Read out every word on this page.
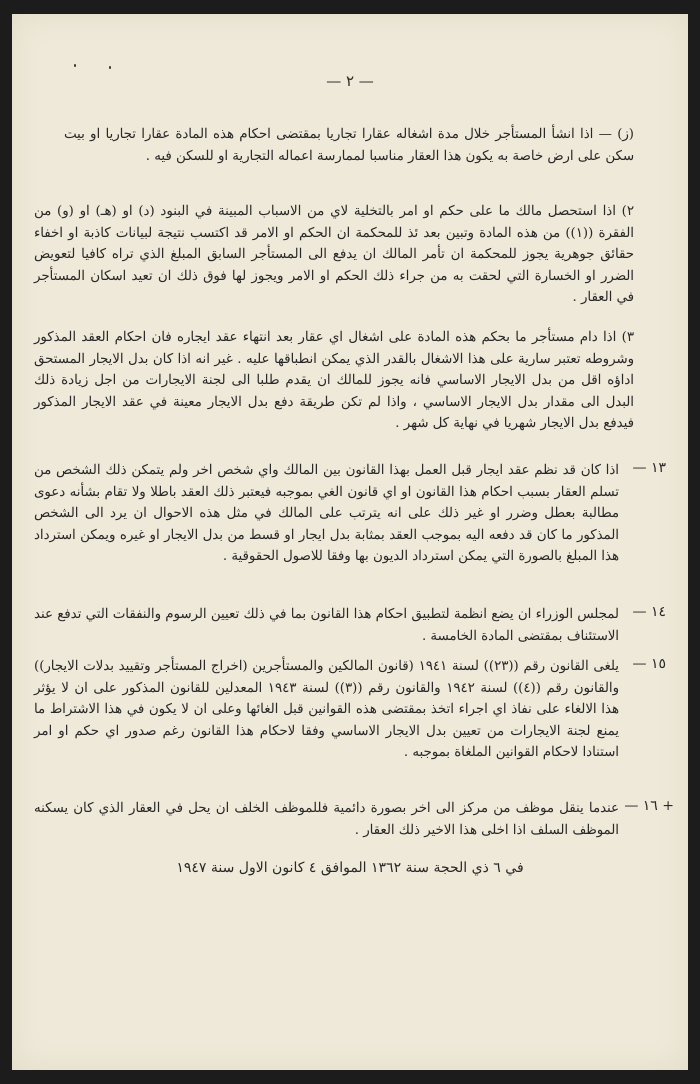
— ٢ —
(ز) — اذا انشأ المستأجر خلال مدة اشغاله عقارا تجاريا بمقتضى احكام هذه المادة عقارا تجاريا او بيت سكن على ارض خاصة به يكون هذا العقار مناسبا لممارسة اعماله التجارية او للسكن فيه .
٢) اذا استحصل مالك ما على حكم او امر بالتخلية لاي من الاسباب المبينة في البنود (د) او (هـ) او (و) من الفقرة ((١)) من هذه المادة وتبين بعد ئذ للمحكمة ان الحكم او الامر قد اكتسب نتيجة لبيانات كاذبة او اخفاء حقائق جوهرية يجوز للمحكمة ان تأمر المالك ان يدفع الى المستأجر السابق المبلغ الذي تراه كافيا لتعويض الضرر او الخسارة التي لحقت به من جراء ذلك الحكم او الامر ويجوز لها فوق ذلك ان تعيد اسكان المستأجر في العقار .
٣) اذا دام مستأجر ما بحكم هذه المادة على اشغال اي عقار بعد انتهاء عقد ايجاره فان احكام العقد المذكور وشروطه تعتبر سارية على هذا الاشغال بالقدر الذي يمكن انطباقها عليه . غير انه اذا كان بدل الايجار المستحق اداؤه اقل من بدل الايجار الاساسي فانه يجوز للمالك ان يقدم طلبا الى لجنة الايجارات من اجل زيادة ذلك البدل الى مقدار بدل الايجار الاساسي ، واذا لم تكن طريقة دفع بدل الايجار معينة في عقد الايجار المذكور فيدفع بدل الايجار شهريا في نهاية كل شهر .
١٣ —
اذا كان قد نظم عقد ايجار قبل العمل بهذا القانون بين المالك واي شخص اخر ولم يتمكن ذلك الشخص من تسلم العقار بسبب احكام هذا القانون او اي قانون الغي بموجبه فيعتبر ذلك العقد باطلا ولا تقام بشأنه دعوى مطالبة بعطل وضرر او غير ذلك على انه يترتب على المالك في مثل هذه الاحوال ان يرد الى الشخص المذكور ما كان قد دفعه اليه بموجب العقد بمثابة بدل ايجار او قسط من بدل الايجار او غيره ويمكن استرداد هذا المبلغ بالصورة التي يمكن استرداد الديون بها وفقا للاصول الحقوقية .
١٤ —
لمجلس الوزراء ان يضع انظمة لتطبيق احكام هذا القانون بما في ذلك تعيين الرسوم والنفقات التي تدفع عند الاستئناف بمقتضى المادة الخامسة .
١٥ —
يلغى القانون رقم ((٢٣)) لسنة ١٩٤١ (قانون المالكين والمستأجرين (اخراج المستأجر وتقييد بدلات الايجار)) والقانون رقم ((٤)) لسنة ١٩٤٢ والقانون رقم ((٣)) لسنة ١٩٤٣ المعدلين للقانون المذكور على ان لا يؤثر هذا الالغاء على نفاذ اي اجراء اتخذ بمقتضى هذه القوانين قبل الغائها وعلى ان لا يكون في هذا الاشتراط ما يمنع لجنة الايجارات من تعيين بدل الايجار الاساسي وفقا لاحكام هذا القانون رغم صدور اي حكم او امر استنادا لاحكام القوانين الملغاة بموجبه .
+ ١٦ —
عندما ينقل موظف من مركز الى اخر بصورة دائمية فللموظف الخلف ان يحل في العقار الذي كان يسكنه الموظف السلف اذا اخلى هذا الاخير ذلك العقار .
في ٦ ذي الحجة سنة ١٣٦٢ الموافق ٤ كانون الاول سنة ١٩٤٧
